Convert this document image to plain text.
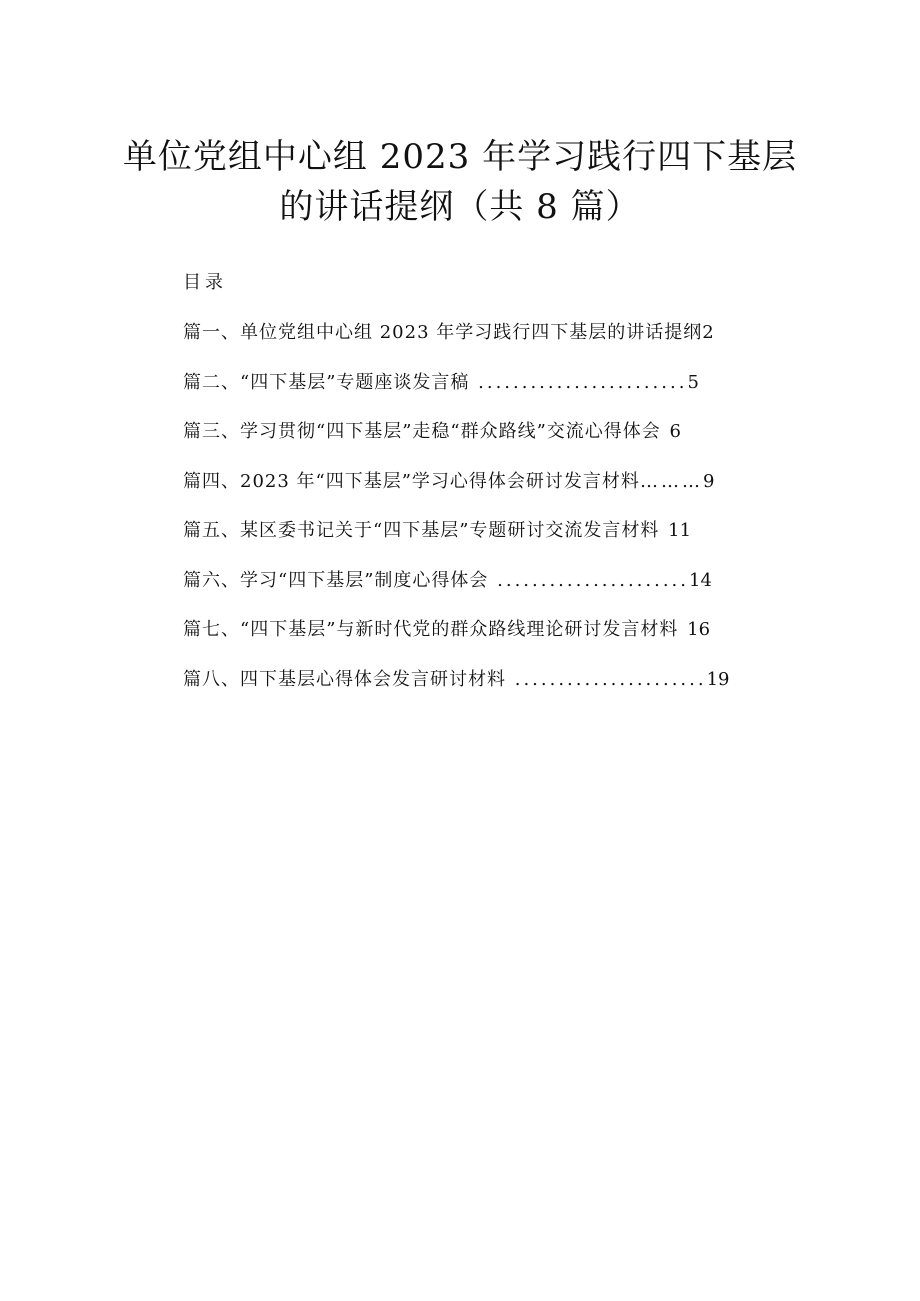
单位党组中心组 2023 年学习践行四下基层
的讲话提纲（共 8 篇）
目录
篇一、单位党组中心组 2023 年学习践行四下基层的讲话提纲2
篇二、“四下基层”专题座谈发言稿 ........................5
篇三、学习贯彻“四下基层”走稳“群众路线”交流心得体会 6
篇四、2023 年“四下基层”学习心得体会研讨发言材料………9
篇五、某区委书记关于“四下基层”专题研讨交流发言材料 11
篇六、学习“四下基层”制度心得体会 ......................14
篇七、“四下基层”与新时代党的群众路线理论研讨发言材料 16
篇八、四下基层心得体会发言研讨材料 ......................19
